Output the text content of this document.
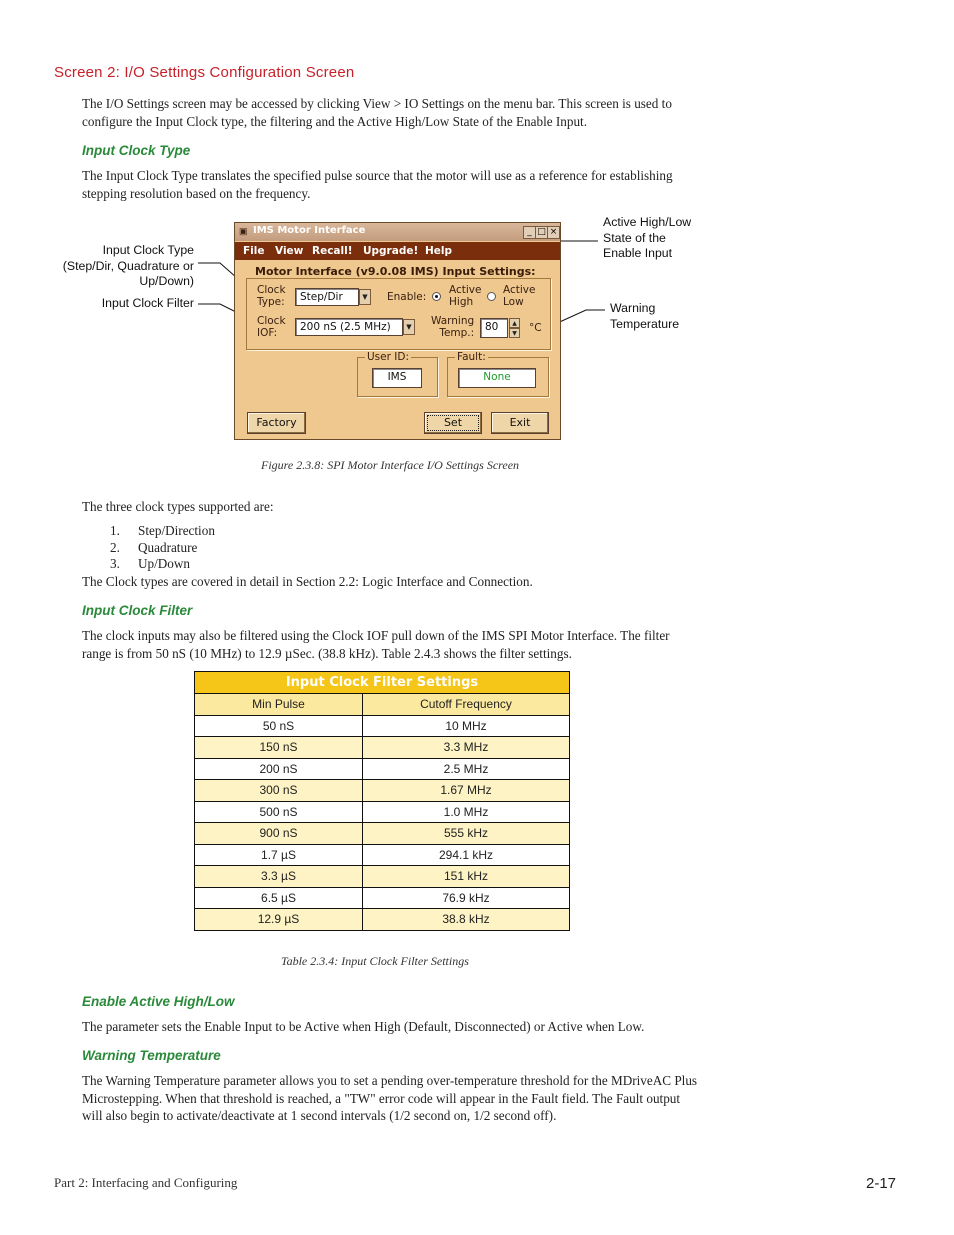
Screen 2: I/O Settings Configuration Screen
The I/O Settings screen may be accessed by clicking View > IO Settings on the menu bar. This screen is used to configure the Input Clock type, the filtering and the Active High/Low State of the Enable Input.
Input Clock Type
The Input Clock Type translates the specified pulse source that the motor will use as a reference for establishing stepping resolution based on the frequency.
Input Clock Type
(Step/Dir, Quadrature or
Up/Down)
Input Clock Filter
Active High/Low
State of the
Enable Input
Warning
Temperature
▣ IMS Motor Interface	_ □ ×
File View Recall! Upgrade! Help
Motor Interface (v9.0.08 IMS) Input Settings:
Clock
Type:	Step/Dir	▼
Clock
IOF:	200 nS (2.5 MHz)	▼
Enable:
Active
High
Active
Low
Warning
Temp.:	80	▲
▼	°C
User ID:
IMS
Fault:
None
Factory	Set	Exit
Figure 2.3.8: SPI Motor Interface I/O Settings Screen
The three clock types supported are:
1. Step/Direction
2. Quadrature
3. Up/Down
The Clock types are covered in detail in Section 2.2: Logic Interface and Connection.
Input Clock Filter
The clock inputs may also be filtered using the Clock IOF pull down of the IMS SPI Motor Interface. The filter range is from 50 nS (10 MHz) to 12.9 µSec. (38.8 kHz). Table 2.4.3 shows the filter settings.
Input Clock Filter Settings	
Min Pulse	Cutoff Frequency
50 nS	10 MHz
150 nS	3.3 MHz
200 nS	2.5 MHz
300 nS	1.67 MHz
500 nS	1.0 MHz
900 nS	555 kHz
1.7 µS	294.1 kHz
3.3 µS	151 kHz
6.5 µS	76.9 kHz
12.9 µS	38.8 kHz
Table 2.3.4: Input Clock Filter Settings
Enable Active High/Low
The parameter sets the Enable Input to be Active when High (Default, Disconnected) or Active when Low.
Warning Temperature
The Warning Temperature parameter allows you to set a pending over-temperature threshold for the MDriveAC Plus Microstepping. When that threshold is reached, a "TW" error code will appear in the Fault field. The Fault output will also begin to activate/deactivate at 1 second intervals (1/2 second on, 1/2 second off).
Part 2: Interfacing and Configuring	2-17
